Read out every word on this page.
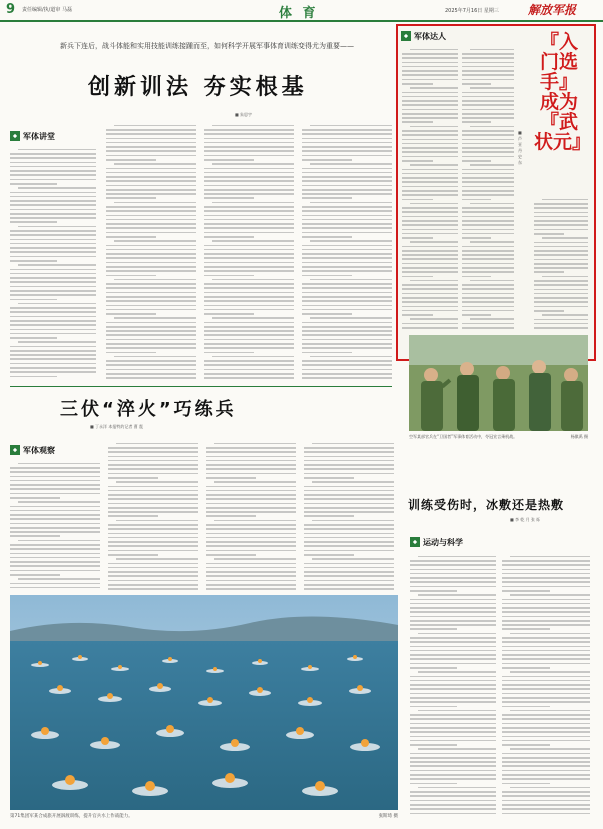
9 责任编辑/执/道审 马磊	体 育	2025年7月16日 星期三 解放军报
新兵下连后，战斗体能和实用技能训练接踵而至，如何科学开展军事体育训练变得尤为重要——
创新训法 夯实根基
■ 朱思宇
军体讲堂
三伏“淬火”巧练兵
■ 丁永洋 本报特约记者 曹 震
军体观察
第71集团军某合成旅开展泅渡训练，提升官兵水上作战能力。	张斯琦 摄
军体达人	『入门选手』
成为
『武状元』
■ 芦 亚 丹 史 东
空军某部官兵在“卫国者”军事体育活动中，夺冠宣言乘机战。	杨骐禹 摄
训练受伤时，冰敷还是热敷
■ 李 乾 月 张 烁
运动与科学
